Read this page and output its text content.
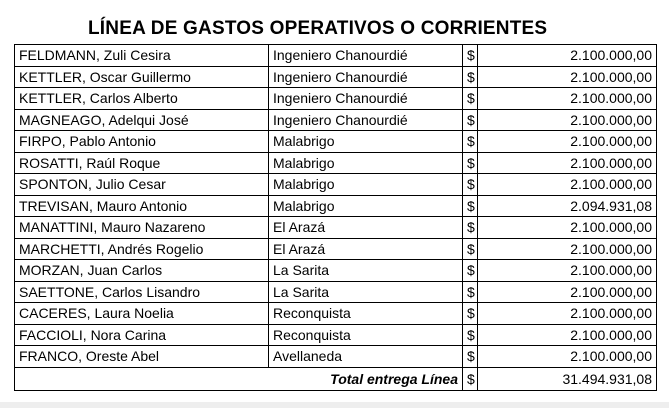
LÍNEA DE GASTOS OPERATIVOS O CORRIENTES
FELDMANN, Zuli Cesira	Ingeniero Chanourdié	$	2.100.000,00
KETTLER, Oscar Guillermo	Ingeniero Chanourdié	$	2.100.000,00
KETTLER, Carlos Alberto	Ingeniero Chanourdié	$	2.100.000,00
MAGNEAGO, Adelqui José	Ingeniero Chanourdié	$	2.100.000,00
FIRPO, Pablo Antonio	Malabrigo	$	2.100.000,00
ROSATTI, Raúl Roque	Malabrigo	$	2.100.000,00
SPONTON, Julio Cesar	Malabrigo	$	2.100.000,00
TREVISAN, Mauro Antonio	Malabrigo	$	2.094.931,08
MANATTINI, Mauro Nazareno	El Arazá	$	2.100.000,00
MARCHETTI, Andrés Rogelio	El Arazá	$	2.100.000,00
MORZAN, Juan Carlos	La Sarita	$	2.100.000,00
SAETTONE, Carlos Lisandro	La Sarita	$	2.100.000,00
CACERES, Laura Noelia	Reconquista	$	2.100.000,00
FACCIOLI, Nora Carina	Reconquista	$	2.100.000,00
FRANCO, Oreste Abel	Avellaneda	$	2.100.000,00
Total entrega Línea		$	31.494.931,08
